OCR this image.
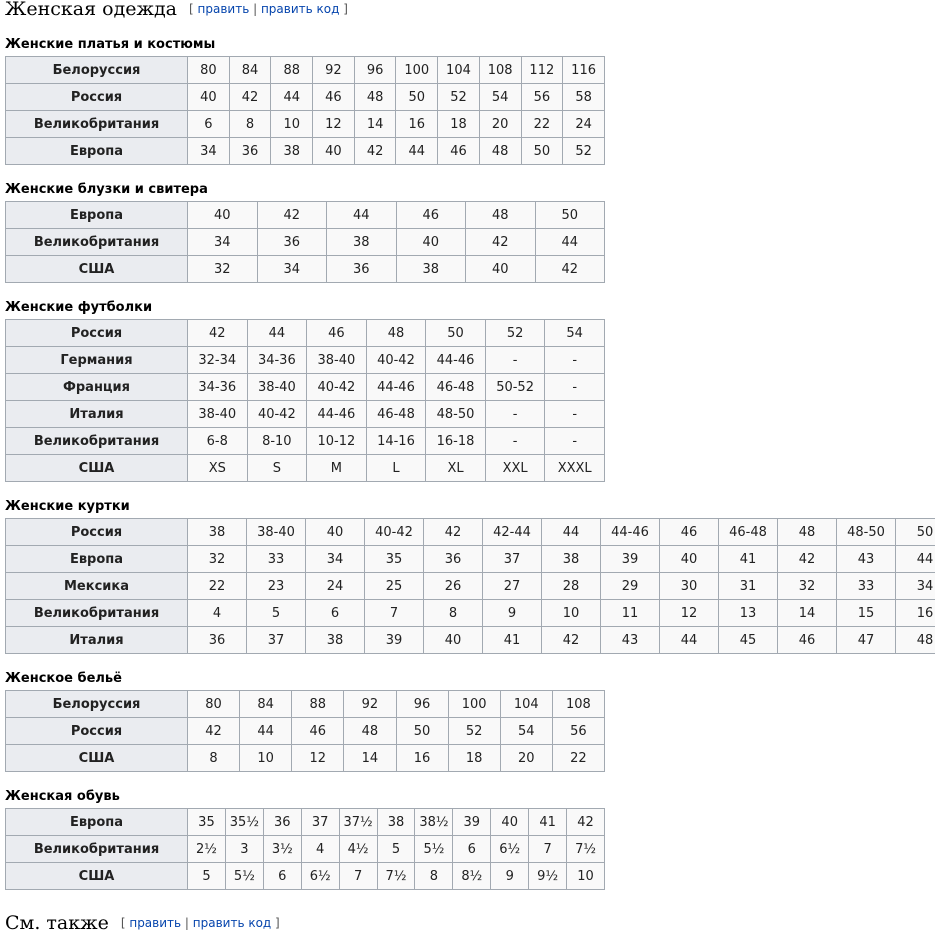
Женская одежда [ править | править код ]
Женские платья и костюмы
Женские блузки и свитера
Женские футболки
Женские куртки
Женское бельё
Женская обувь
Белоруссия	80	84	88	92	96	100	104	108	112	116
Россия	40	42	44	46	48	50	52	54	56	58
Великобритания	6	8	10	12	14	16	18	20	22	24
Европа	34	36	38	40	42	44	46	48	50	52
Европа	40	42	44	46	48	50
Великобритания	34	36	38	40	42	44
США	32	34	36	38	40	42
Россия	42	44	46	48	50	52	54
Германия	32-34	34-36	38-40	40-42	44-46	-	-
Франция	34-36	38-40	40-42	44-46	46-48	50-52	-
Италия	38-40	40-42	44-46	46-48	48-50	-	-
Великобритания	6-8	8-10	10-12	14-16	16-18	-	-
США	XS	S	M	L	XL	XXL	XXXL
Россия	38	38-40	40	40-42	42	42-44	44	44-46	46	46-48	48	48-50	50
Европа	32	33	34	35	36	37	38	39	40	41	42	43	44
Мексика	22	23	24	25	26	27	28	29	30	31	32	33	34
Великобритания	4	5	6	7	8	9	10	11	12	13	14	15	16
Италия	36	37	38	39	40	41	42	43	44	45	46	47	48
Белоруссия	80	84	88	92	96	100	104	108
Россия	42	44	46	48	50	52	54	56
США	8	10	12	14	16	18	20	22
Европа	35	35½	36	37	37½	38	38½	39	40	41	42
Великобритания	2½	3	3½	4	4½	5	5½	6	6½	7	7½
США	5	5½	6	6½	7	7½	8	8½	9	9½	10
См. также [ править | править код ]
